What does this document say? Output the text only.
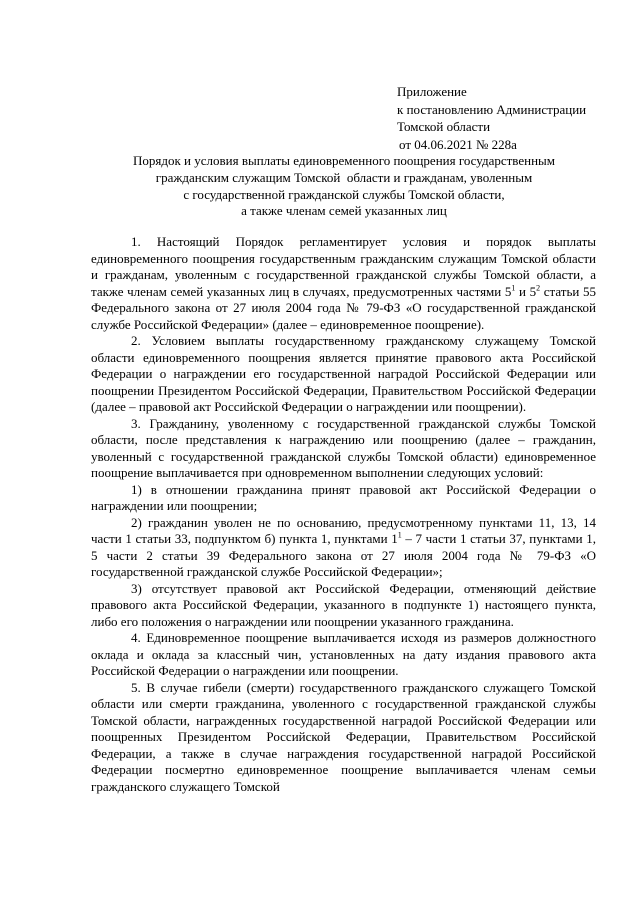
Приложение
к постановлению Администрации
Томской области
от 04.06.2021 № 228а
Порядок и условия выплаты единовременного поощрения государственным
гражданским служащим Томской  области и гражданам, уволенным
с государственной гражданской службы Томской области,
а также членам семей указанных лиц

1. Настоящий Порядок регламентирует условия и порядок выплаты единовременного поощрения государственным гражданским служащим Томской области и гражданам, уволенным с государственной гражданской службы Томской области, а также членам семей указанных лиц в случаях, предусмотренных частями $5^1$ и $5^2$ статьи 55 Федерального закона от 27 июля 2004 года № 79-ФЗ «О государственной гражданской службе Российской Федерации» (далее – единовременное поощрение).

2. Условием выплаты государственному гражданскому служащему Томской области единовременного поощрения является принятие правового акта Российской Федерации о награждении его государственной наградой Российской Федерации или поощрении Президентом Российской Федерации, Правительством Российской Федерации (далее – правовой акт Российской Федерации о награждении или поощрении).

3. Гражданину, уволенному с государственной гражданской службы Томской области, после представления к награждению или поощрению (далее – гражданин, уволенный с государственной гражданской службы Томской области) единовременное поощрение выплачивается при одновременном выполнении следующих условий:

1) в отношении гражданина принят правовой акт Российской Федерации о награждении или поощрении;

2) гражданин уволен не по основанию, предусмотренному пунктами 11, 13, 14 части 1 статьи 33, подпунктом б) пункта 1, пунктами $1^1 - 7$ части 1 статьи 37, пунктами 1, 5 части 2 статьи 39 Федерального закона от 27 июля 2004 года № 79-ФЗ «О государственной гражданской службе Российской Федерации»;

3) отсутствует правовой акт Российской Федерации, отменяющий действие правового акта Российской Федерации, указанного в подпункте 1) настоящего пункта, либо его положения о награждении или поощрении указанного гражданина.

4. Единовременное поощрение выплачивается исходя из размеров должностного оклада и оклада за классный чин, установленных на дату издания правового акта Российской Федерации о награждении или поощрении.

5. В случае гибели (смерти) государственного гражданского служащего Томской области или смерти гражданина, уволенного с государственной гражданской службы Томской области, награжденных государственной наградой Российской Федерации или поощренных Президентом Российской Федерации, Правительством Российской Федерации, а также в случае награждения государственной наградой Российской Федерации посмертно единовременное поощрение выплачивается членам семьи гражданского служащего Томской
